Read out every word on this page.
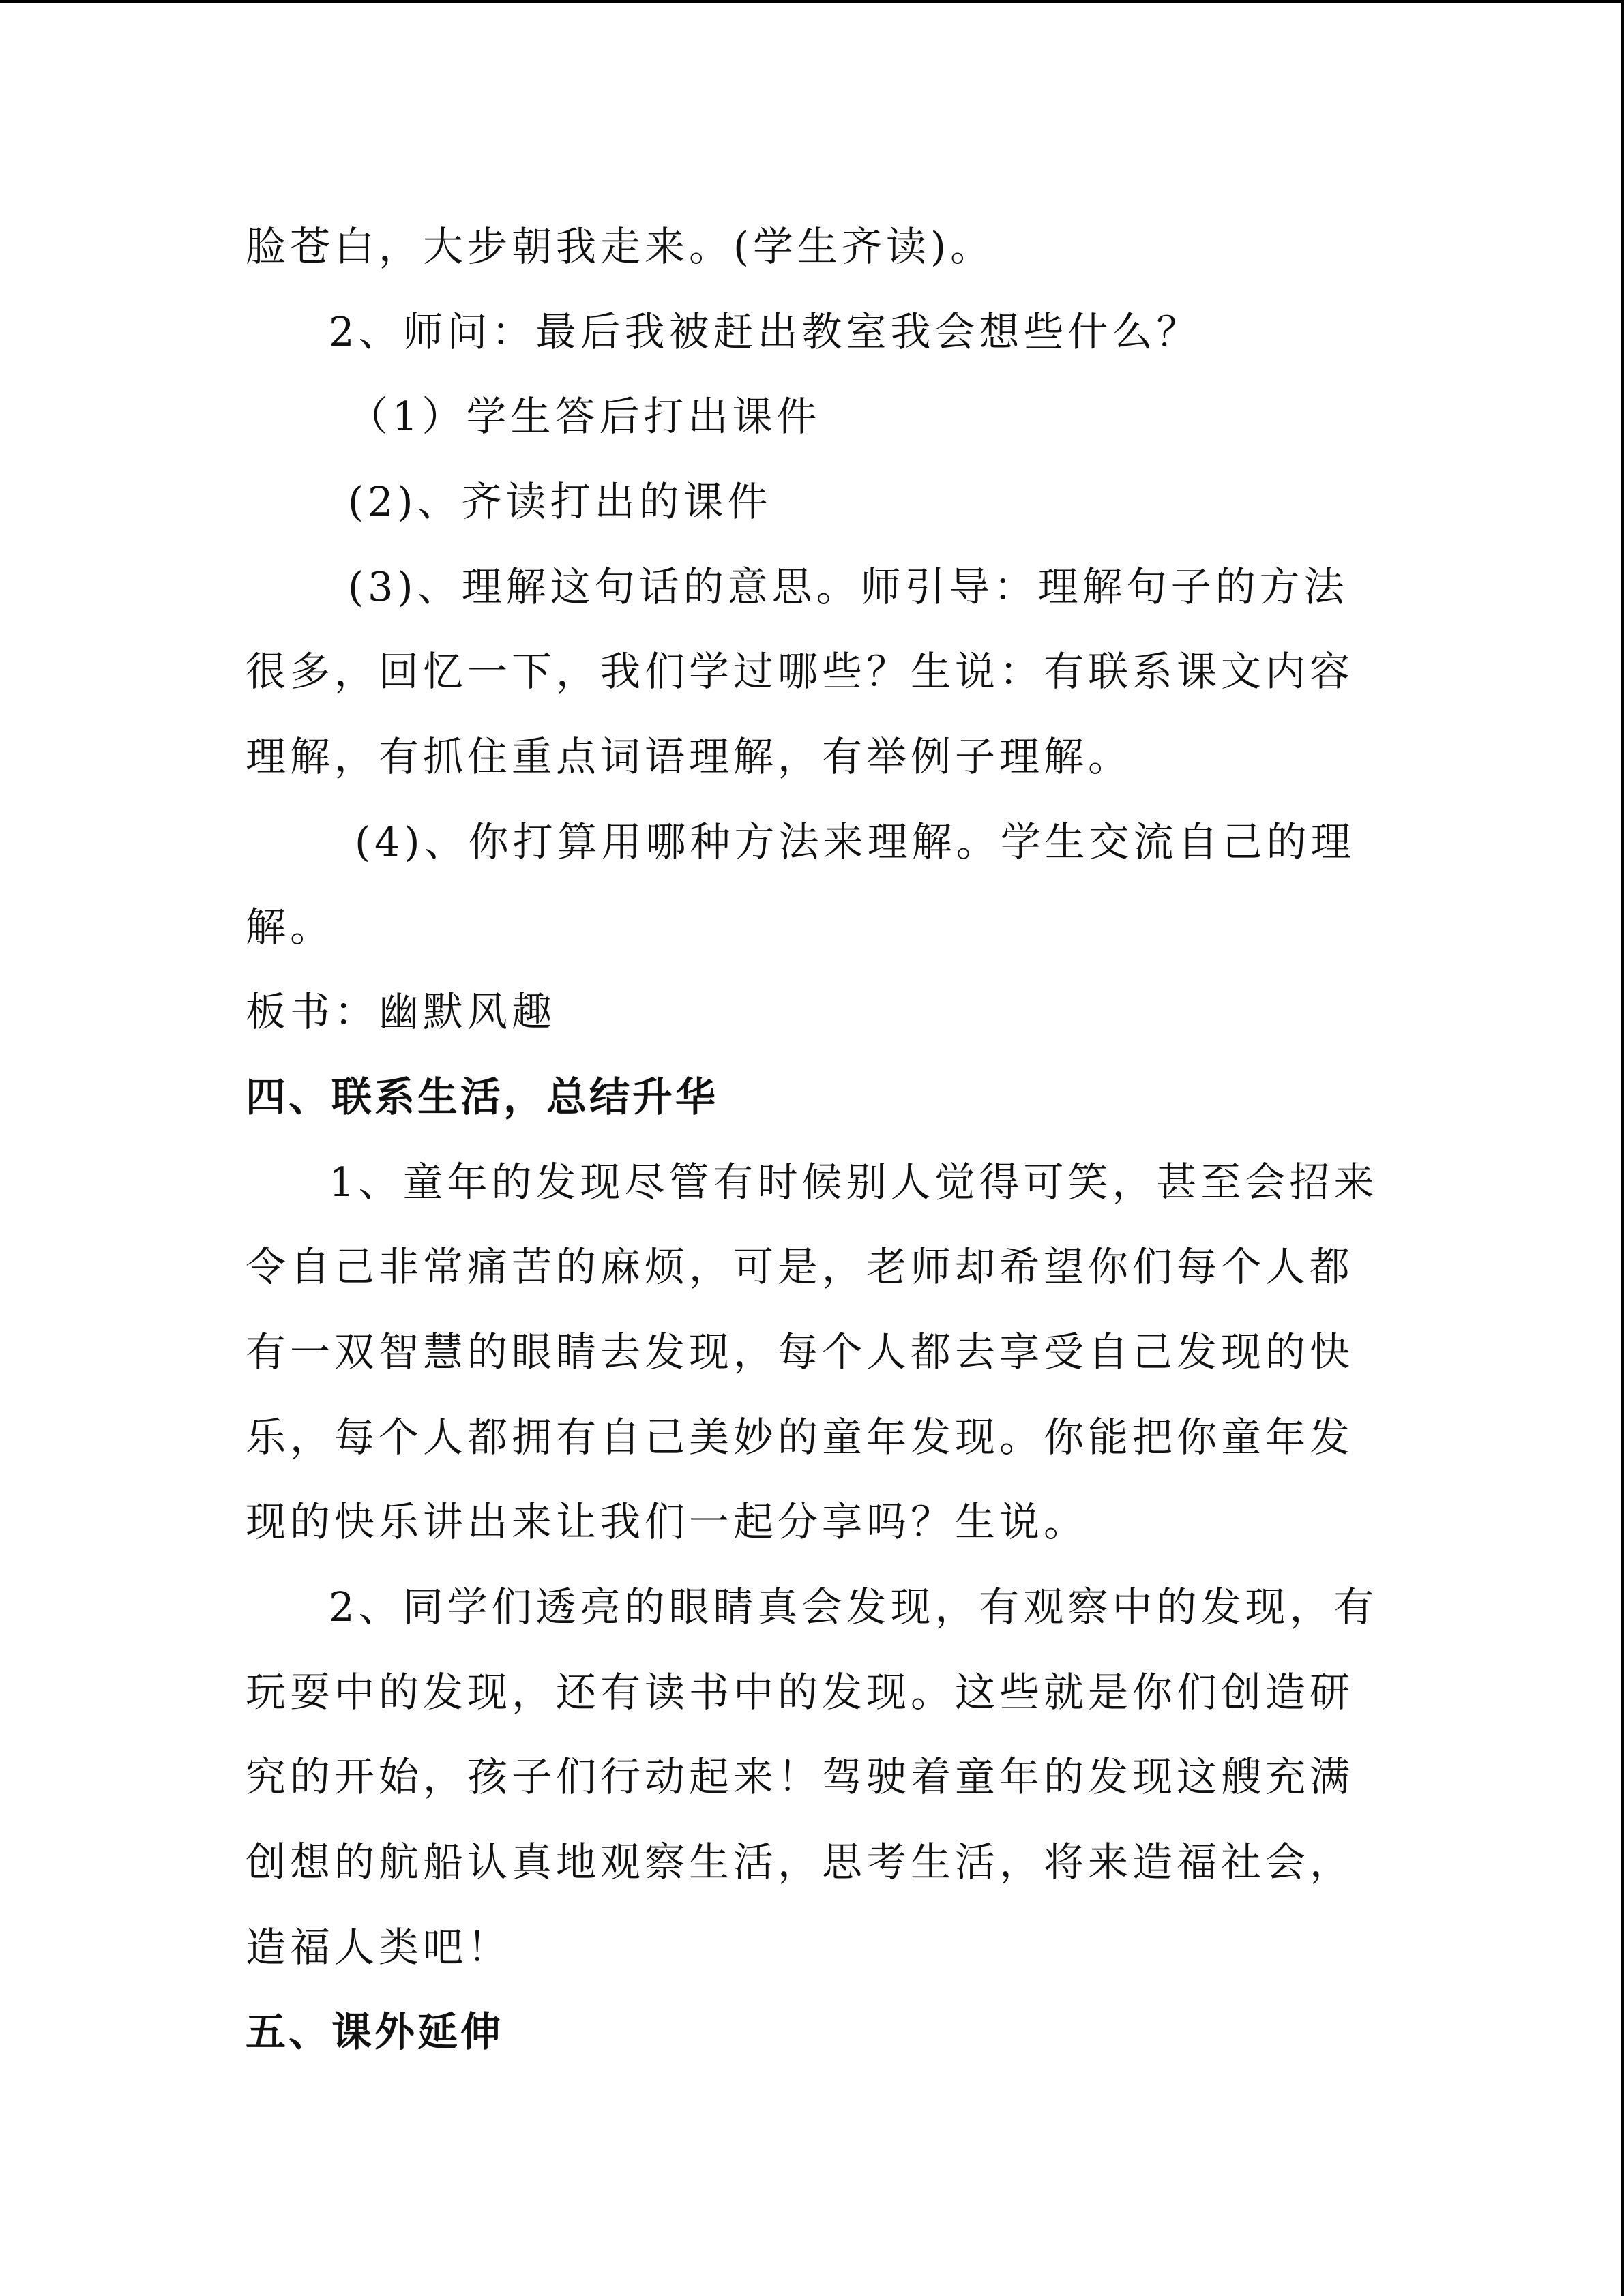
脸苍白，大步朝我走来。(学生齐读)。
2、师问：最后我被赶出教室我会想些什么？
（1）学生答后打出课件
(2)、齐读打出的课件
(3)、理解这句话的意思。师引导：理解句子的方法
很多，回忆一下，我们学过哪些？生说：有联系课文内容
理解，有抓住重点词语理解，有举例子理解。
(4)、你打算用哪种方法来理解。学生交流自己的理
解。
板书：幽默风趣
四、联系生活，总结升华
1、童年的发现尽管有时候别人觉得可笑，甚至会招来
令自己非常痛苦的麻烦，可是，老师却希望你们每个人都
有一双智慧的眼睛去发现，每个人都去享受自己发现的快
乐，每个人都拥有自己美妙的童年发现。你能把你童年发
现的快乐讲出来让我们一起分享吗？生说。
2、同学们透亮的眼睛真会发现，有观察中的发现，有
玩耍中的发现，还有读书中的发现。这些就是你们创造研
究的开始，孩子们行动起来！驾驶着童年的发现这艘充满
创想的航船认真地观察生活，思考生活，将来造福社会，
造福人类吧！
五、课外延伸
